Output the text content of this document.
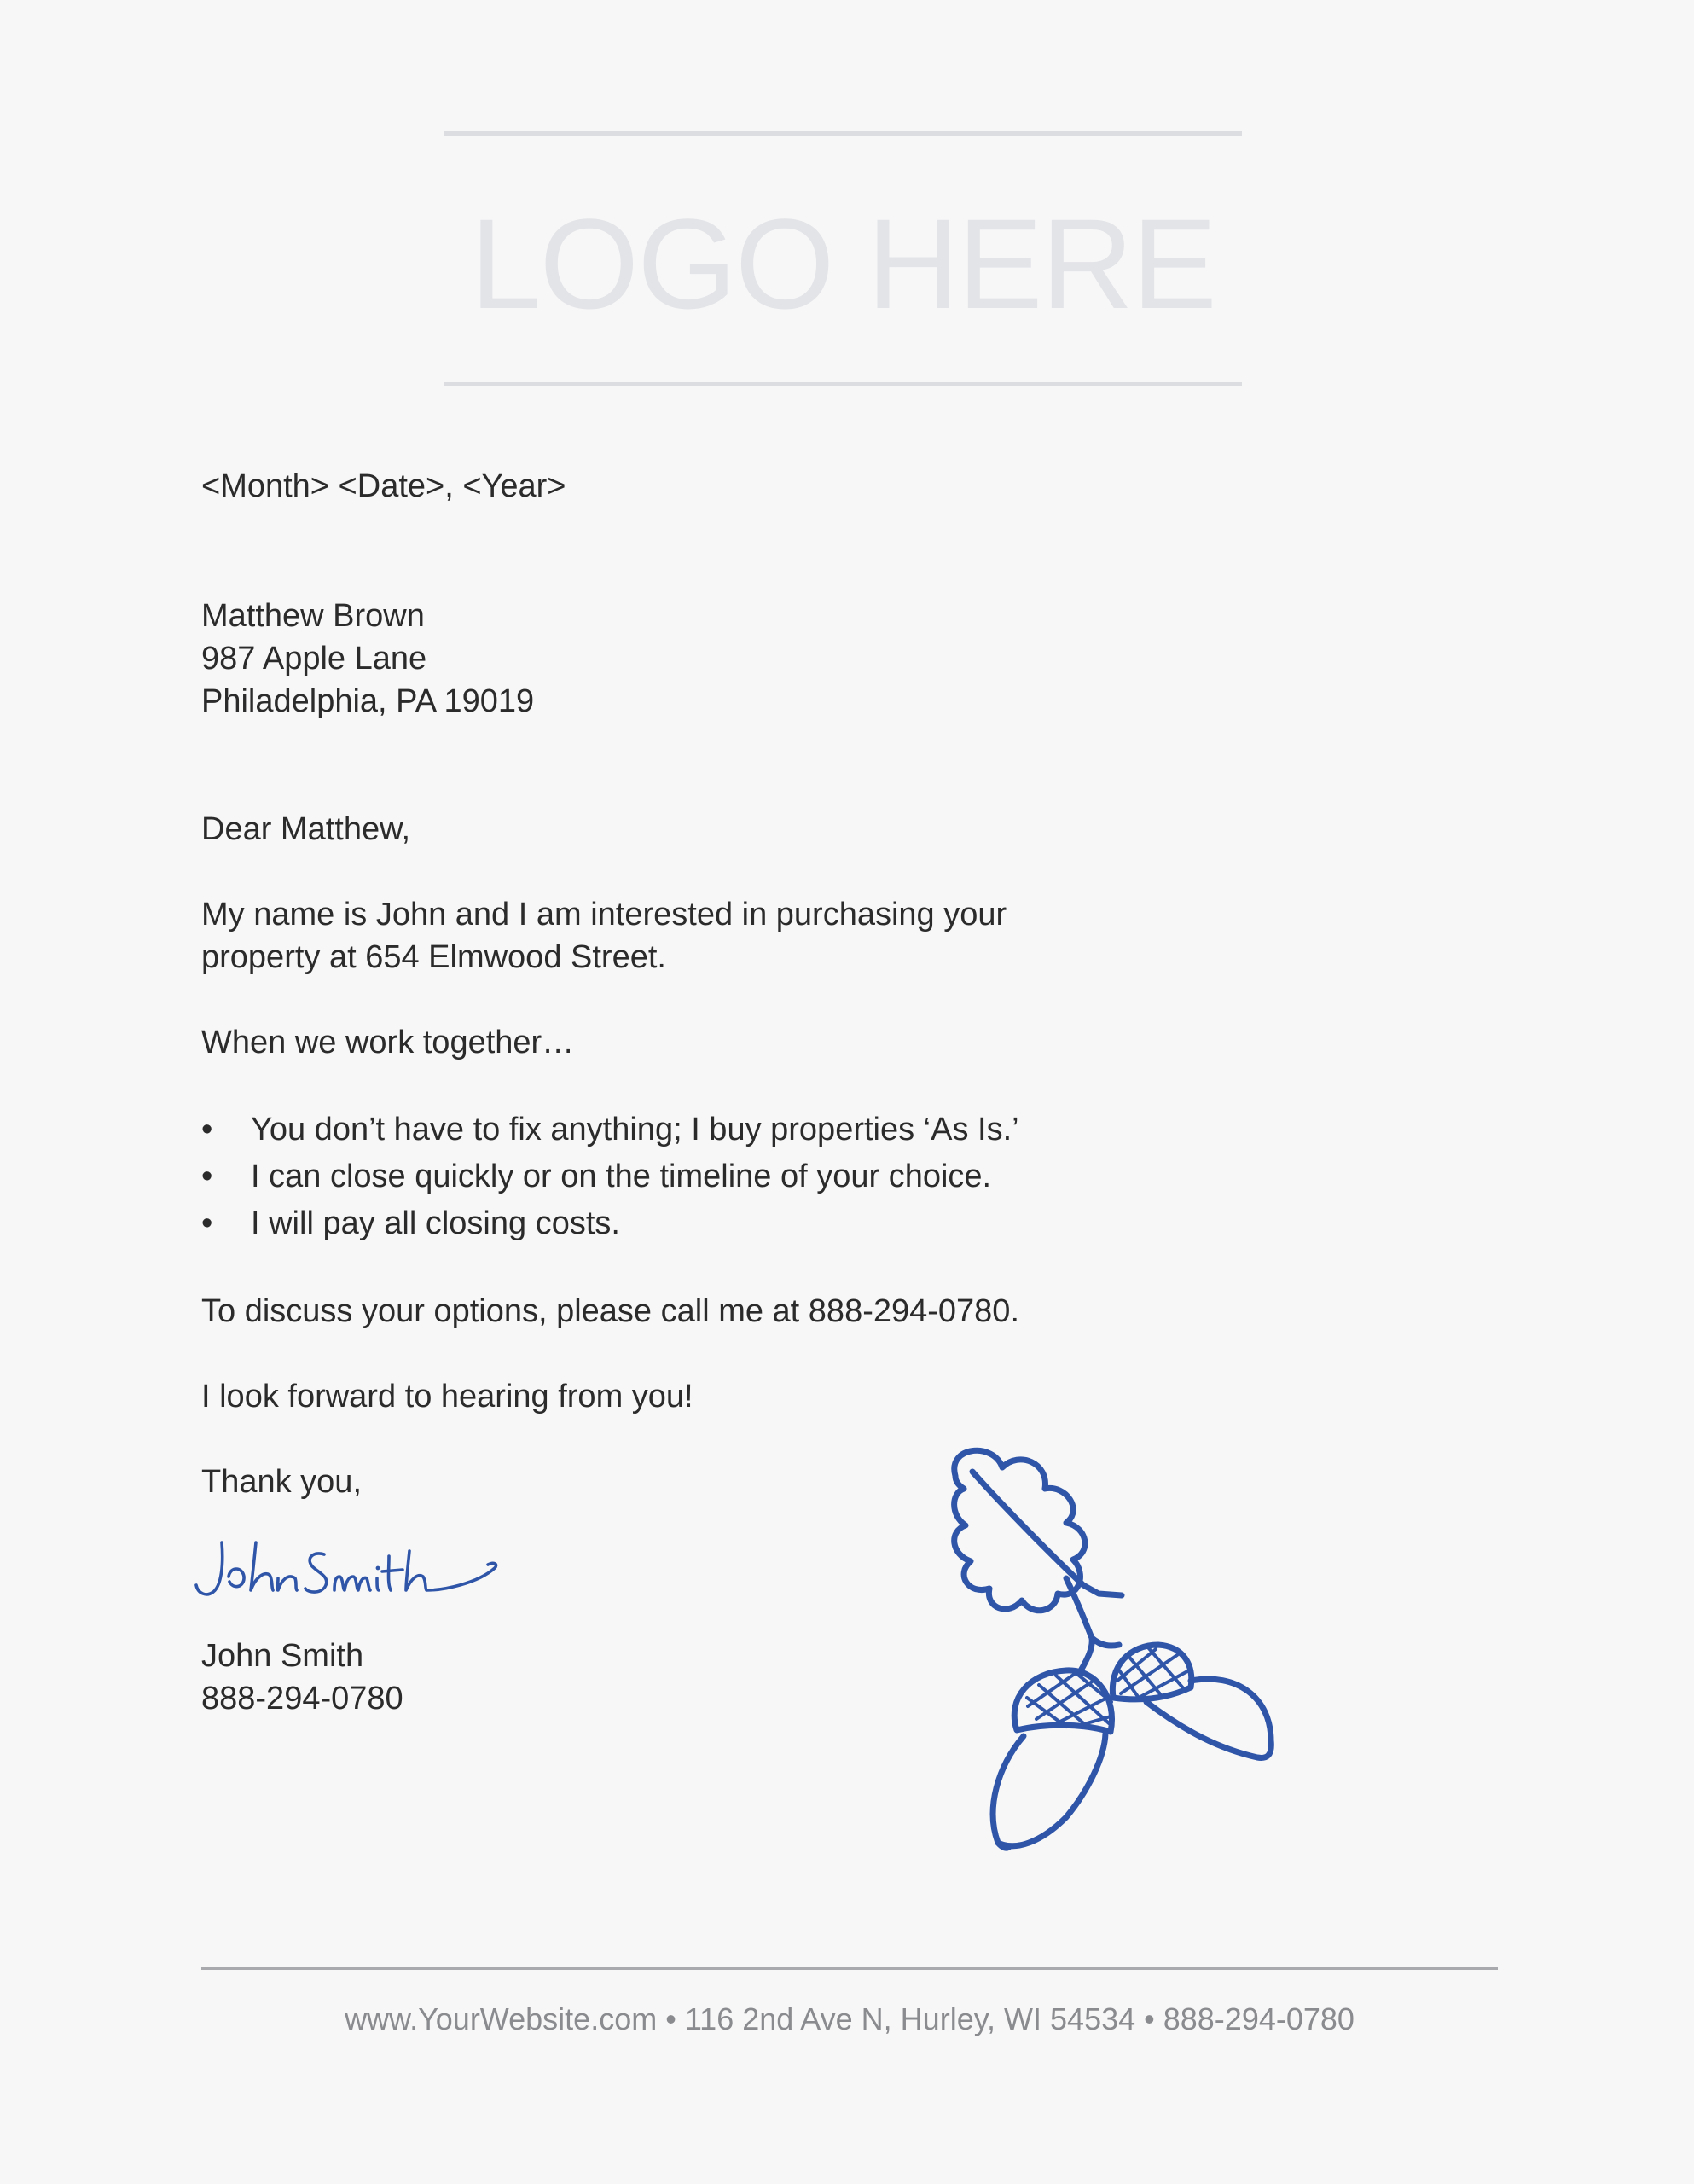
LOGO HERE

<Month> <Date>, <Year>

Matthew Brown

987 Apple Lane

Philadelphia, PA 19019

Dear Matthew,

My name is John and I am interested in purchasing your

property at 654 Elmwood Street.

When we work together…

• You don’t have to fix anything; I buy properties ‘As Is.’
• I can close quickly or on the timeline of your choice.
• I will pay all closing costs.

To discuss your options, please call me at 888-294-0780.

I look forward to hearing from you!

Thank you,

John Smith

888-294-0780

www.YourWebsite.com • 116 2nd Ave N, Hurley, WI 54534 • 888-294-0780
